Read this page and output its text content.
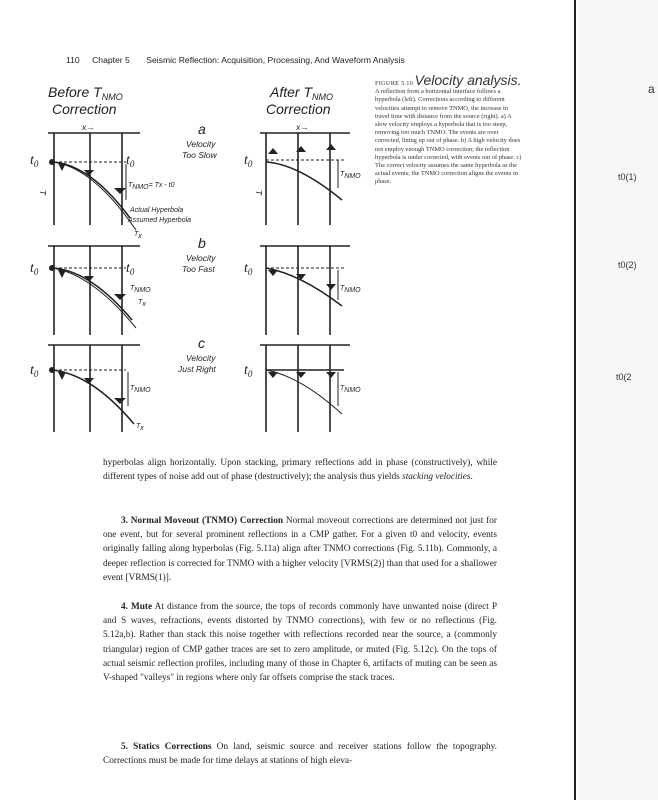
110 Chapter 5 Seismic Reflection: Acquisition, Processing, And Waveform Analysis
Before $T_{NMO}$
Correction
After $T_{NMO}$
Correction
x→
T
$t_0$	$t_0$
TNMO= Tx - t0
Actual Hyperbola
Assumed Hyperbola
Tx
a
Velocity
Too Slow
x→
T
$t_0$
TNMO
$t_0$	$t_0$
TNMO
Tx
b
Velocity
Too Fast $t_0$
TNMO
$t_0$
TNMO
Tx
c
Velocity
Just Right $t_0$
TNMO
FIGURE 5.10 Velocity analysis. A reflection from a horizontal interface follows a hyperbola (left). Corrections according to different velocities attempt to remove TNMO, the increase in travel time with distance from the source (right). a) A slow velocity employs a hyperbola that is too steep, removing too much TNMO. The events are over corrected, lining up out of phase. b) A high velocity does not employ enough TNMO correction; the reflection hyperbola is under corrected, with events out of phase. c) The correct velocity assumes the same hyperbola as the actual events; the TNMO correction aligns the events in phase.

hyperbolas align horizontally. Upon stacking, primary reflections add in phase (constructively), while different types of noise add out of phase (destructively); the analysis thus yields stacking velocities.

3. Normal Moveout (TNMO) Correction Normal moveout corrections are determined not just for one event, but for several prominent reflections in a CMP gather. For a given t0 and velocity, events originally falling along hyperbolas (Fig. 5.11a) align after TNMO corrections (Fig. 5.11b). Commonly, a deeper reflection is corrected for TNMO with a higher velocity [VRMS(2)] than that used for a shallower event [VRMS(1)].

4. Mute At distance from the source, the tops of records commonly have unwanted noise (direct P and S waves, refractions, events distorted by TNMO corrections), with few or no reflections (Fig. 5.12a,b). Rather than stack this noise together with reflections recorded near the source, a (commonly triangular) region of CMP gather traces are set to zero amplitude, or muted (Fig. 5.12c). On the tops of actual seismic reflection profiles, including many of those in Chapter 6, artifacts of muting can be seen as V-shaped "valleys" in regions where only far offsets comprise the stack traces.

5. Statics Corrections On land, seismic source and receiver stations follow the topography. Corrections must be made for time delays at stations of high eleva-

a
t0(1)
t0(2)
t0(2
